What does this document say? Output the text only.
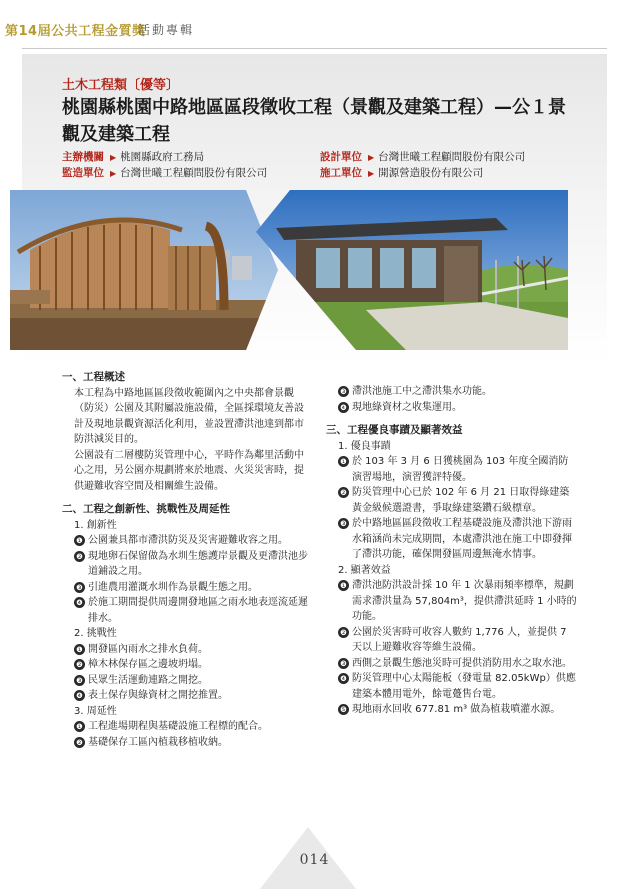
第14屆公共工程金質獎
活動專輯
土木工程類〔優等〕
桃園縣桃園中路地區區段徵收工程（景觀及建築工程）—公１景觀及建築工程
主辦機關 ▶ 桃園縣政府工務局	設計單位 ▶ 台灣世曦工程顧問股份有限公司
監造單位 ▶ 台灣世曦工程顧問股份有限公司	施工單位 ▶ 開源營造股份有限公司
一、工程概述
本工程為中路地區區段徵收範圍內之中央都會景觀（防災）公園及其附屬設施設備，全區採環境友善設計及現地景觀資源活化利用，並設置滯洪池達到都市防洪減災目的。
公園設有二層樓防災管理中心，平時作為鄰里活動中心之用，另公園亦規劃將來於地震、火災災害時，提供避難收容空間及相關維生設備。
二、工程之創新性、挑戰性及周延性
1. 創新性
❶ 公園兼具都市滯洪防災及災害避難收容之用。
❷ 現地卵石保留做為水圳生態護岸景觀及更滯洪池步道鋪設之用。
❸ 引進農用灌溉水圳作為景觀生態之用。
❹ 於施工期間提供周邊開發地區之雨水地表逕流延遲排水。
2. 挑戰性
❶ 開發區內雨水之排水負荷。
❷ 樟木林保存區之邊坡坍塌。
❸ 民眾生活運動連路之開挖。
❹ 表土保存與綠資材之開挖推置。
3. 周延性
❶ 工程進場期程與基礎設施工程標的配合。
❷ 基礎保存工區內植栽移植收納。
❸ 滯洪池施工中之滯洪集水功能。
❹ 現地綠資材之收集運用。
三、工程優良事蹟及顯著效益
1. 優良事蹟
❶ 於 103 年 3 月 6 日獲桃園為 103 年度全國消防演習場地，演習獲評特優。
❷ 防災管理中心已於 102 年 6 月 21 日取得綠建築黃金級候選證書，爭取綠建築鑽石級標章。
❸ 於中路地區區段徵收工程基礎設施及滯洪池下游雨水箱涵尚未完成期間，本處滯洪池在施工中即發揮了滯洪功能，確保開發區周邊無淹水情事。
2. 顯著效益
❶ 滯洪池防洪設計採 10 年 1 次暴雨頻率標準，規劃需求滯洪量為 57,804m³，提供滯洪延時 1 小時的功能。
❷ 公園於災害時可收容人數約 1,776 人，並提供 7 天以上避難收容等維生設備。
❸ 西側之景觀生態池災時可提供消防用水之取水池。
❹ 防災管理中心太陽能板（發電量 82.05kWp）供應建築本體用電外，餘電躉售台電。
❺ 現地雨水回收 677.81 m³ 做為植栽噴灌水源。
014
